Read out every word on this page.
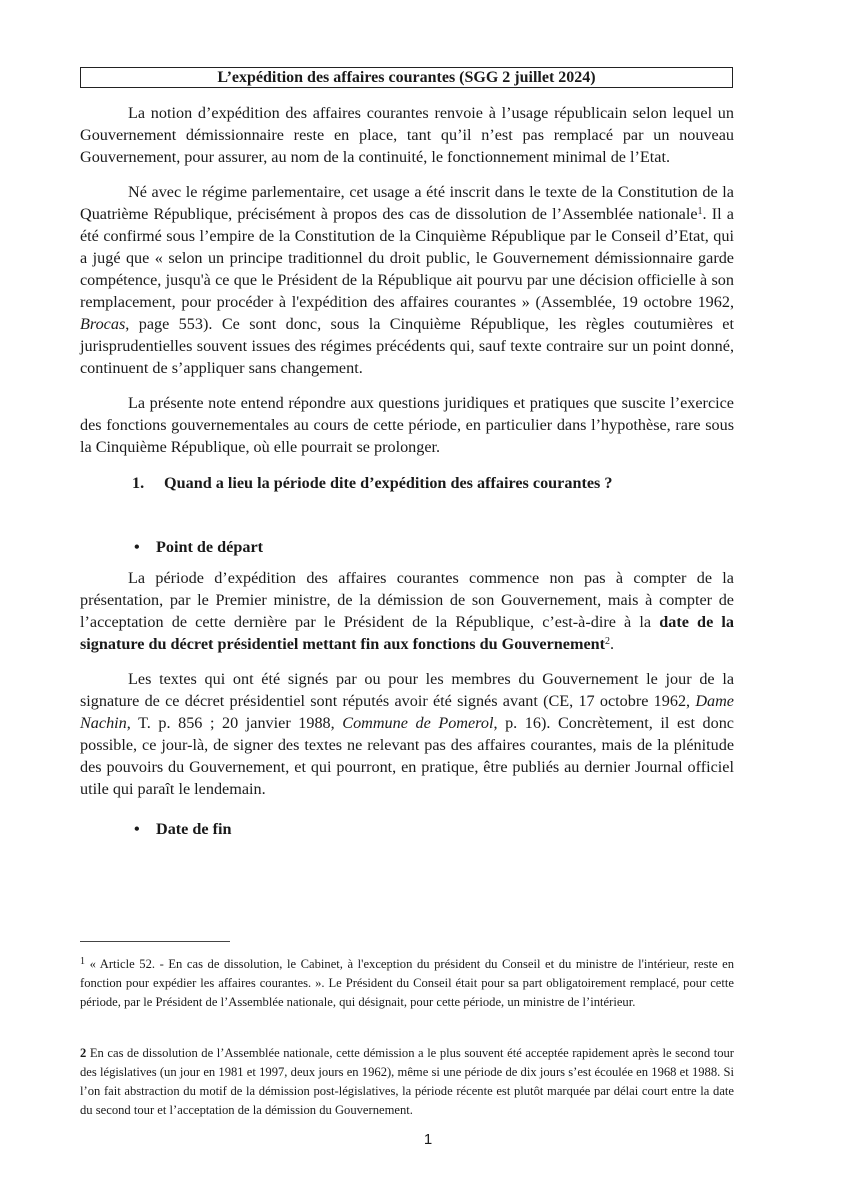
L’expédition des affaires courantes (SGG 2 juillet 2024)

La notion d’expédition des affaires courantes renvoie à l’usage républicain selon lequel un Gouvernement démissionnaire reste en place, tant qu’il n’est pas remplacé par un nouveau Gouvernement, pour assurer, au nom de la continuité, le fonctionnement minimal de l’Etat.

Né avec le régime parlementaire, cet usage a été inscrit dans le texte de la Constitution de la Quatrième République, précisément à propos des cas de dissolution de l’Assemblée nationale$^1$. Il a été confirmé sous l’empire de la Constitution de la Cinquième République par le Conseil d’Etat, qui a jugé que « selon un principe traditionnel du droit public, le Gouvernement démissionnaire garde compétence, jusqu'à ce que le Président de la République ait pourvu par une décision officielle à son remplacement, pour procéder à l'expédition des affaires courantes » (Assemblée, 19 octobre 1962, Brocas, page 553). Ce sont donc, sous la Cinquième République, les règles coutumières et jurisprudentielles souvent issues des régimes précédents qui, sauf texte contraire sur un point donné, continuent de s’appliquer sans changement.

La présente note entend répondre aux questions juridiques et pratiques que suscite l’exercice des fonctions gouvernementales au cours de cette période, en particulier dans l’hypothèse, rare sous la Cinquième République, où elle pourrait se prolonger.

1. Quand a lieu la période dite d’expédition des affaires courantes ?
• Point de départ

La période d’expédition des affaires courantes commence non pas à compter de la présentation, par le Premier ministre, de la démission de son Gouvernement, mais à compter de l’acceptation de cette dernière par le Président de la République, c’est-à-dire à la date de la signature du décret présidentiel mettant fin aux fonctions du Gouvernement$^2$.

Les textes qui ont été signés par ou pour les membres du Gouvernement le jour de la signature de ce décret présidentiel sont réputés avoir été signés avant (CE, 17 octobre 1962, Dame Nachin, T. p. 856 ; 20 janvier 1988, Commune de Pomerol, p. 16). Concrètement, il est donc possible, ce jour-là, de signer des textes ne relevant pas des affaires courantes, mais de la plénitude des pouvoirs du Gouvernement, et qui pourront, en pratique, être publiés au dernier Journal officiel utile qui paraît le lendemain.

• Date de fin
$^1$ « Article 52. - En cas de dissolution, le Cabinet, à l'exception du président du Conseil et du ministre de l'intérieur, reste en fonction pour expédier les affaires courantes. ». Le Président du Conseil était pour sa part obligatoirement remplacé, pour cette période, par le Président de l’Assemblée nationale, qui désignait, pour cette période, un ministre de l’intérieur.
2 En cas de dissolution de l’Assemblée nationale, cette démission a le plus souvent été acceptée rapidement après le second tour des législatives (un jour en 1981 et 1997, deux jours en 1962), même si une période de dix jours s’est écoulée en 1968 et 1988. Si l’on fait abstraction du motif de la démission post-législatives, la période récente est plutôt marquée par délai court entre la date du second tour et l’acceptation de la démission du Gouvernement.
1
